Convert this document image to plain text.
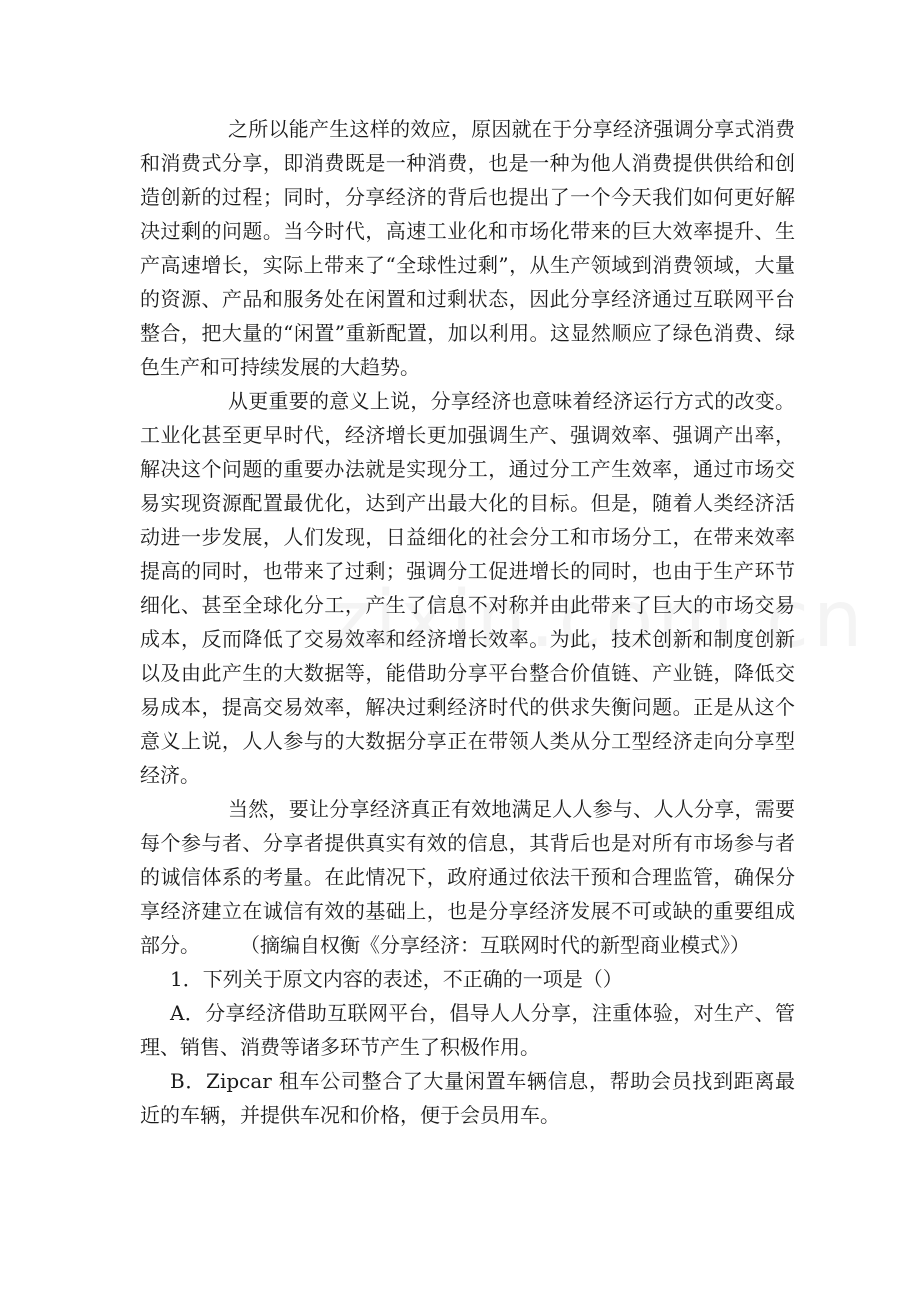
之所以能产生这样的效应，原因就在于分享经济强调分享式消费和消费式分享，即消费既是一种消费，也是一种为他人消费提供供给和创造创新的过程；同时，分享经济的背后也提出了一个今天我们如何更好解决过剩的问题。当今时代，高速工业化和市场化带来的巨大效率提升、生产高速增长，实际上带来了“全球性过剩”，从生产领域到消费领域，大量的资源、产品和服务处在闲置和过剩状态，因此分享经济通过互联网平台整合，把大量的“闲置”重新配置，加以利用。这显然顺应了绿色消费、绿色生产和可持续发展的大趋势。

从更重要的意义上说，分享经济也意味着经济运行方式的改变。工业化甚至更早时代，经济增长更加强调生产、强调效率、强调产出率，解决这个问题的重要办法就是实现分工，通过分工产生效率，通过市场交易实现资源配置最优化，达到产出最大化的目标。但是，随着人类经济活动进一步发展，人们发现，日益细化的社会分工和市场分工，在带来效率提高的同时，也带来了过剩；强调分工促进增长的同时，也由于生产环节细化、甚至全球化分工，产生了信息不对称并由此带来了巨大的市场交易成本，反而降低了交易效率和经济增长效率。为此，技术创新和制度创新以及由此产生的大数据等，能借助分享平台整合价值链、产业链，降低交易成本，提高交易效率，解决过剩经济时代的供求失衡问题。正是从这个意义上说，人人参与的大数据分享正在带领人类从分工型经济走向分享型经济。

当然，要让分享经济真正有效地满足人人参与、人人分享，需要每个参与者、分享者提供真实有效的信息，其背后也是对所有市场参与者的诚信体系的考量。在此情况下，政府通过依法干预和合理监管，确保分享经济建立在诚信有效的基础上，也是分享经济发展不可或缺的重要组成部分。　　　	（摘编自权衡《分享经济：互联网时代的新型商业模式》）

1．下列关于原文内容的表述，不正确的一项是（）

A．分享经济借助互联网平台，倡导人人分享，注重体验，对生产、管理、销售、消费等诸多环节产生了积极作用。

B．Zipcar 租车公司整合了大量闲置车辆信息，帮助会员找到距离最近的车辆，并提供车况和价格，便于会员用车。
